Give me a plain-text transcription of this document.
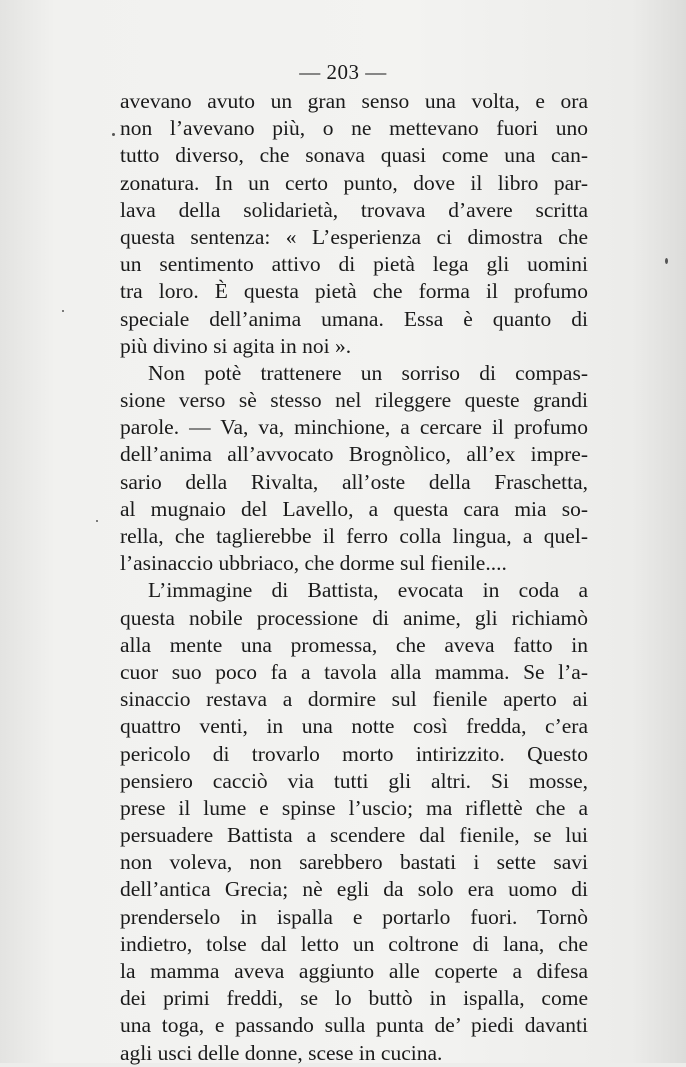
— 203 —
avevano avuto un gran senso una volta, e ora
non l’avevano più, o ne mettevano fuori uno
tutto diverso, che sonava quasi come una can-
zonatura. In un certo punto, dove il libro par-
lava della solidarietà, trovava d’avere scritta
questa sentenza: « L’esperienza ci dimostra che
un sentimento attivo di pietà lega gli uomini
tra loro. È questa pietà che forma il profumo
speciale dell’anima umana. Essa è quanto di
più divino si agita in noi ».
Non potè trattenere un sorriso di compas-
sione verso sè stesso nel rileggere queste grandi
parole. — Va, va, minchione, a cercare il profumo
dell’anima all’avvocato Brognòlico, all’ex impre-
sario della Rivalta, all’oste della Fraschetta,
al mugnaio del Lavello, a questa cara mia so-
rella, che taglierebbe il ferro colla lingua, a quel-
l’asinaccio ubbriaco, che dorme sul fienile....
L’immagine di Battista, evocata in coda a
questa nobile processione di anime, gli richiamò
alla mente una promessa, che aveva fatto in
cuor suo poco fa a tavola alla mamma. Se l’a-
sinaccio restava a dormire sul fienile aperto ai
quattro venti, in una notte così fredda, c’era
pericolo di trovarlo morto intirizzito. Questo
pensiero cacciò via tutti gli altri. Si mosse,
prese il lume e spinse l’uscio; ma riflettè che a
persuadere Battista a scendere dal fienile, se lui
non voleva, non sarebbero bastati i sette savi
dell’antica Grecia; nè egli da solo era uomo di
prenderselo in ispalla e portarlo fuori. Tornò
indietro, tolse dal letto un coltrone di lana, che
la mamma aveva aggiunto alle coperte a difesa
dei primi freddi, se lo buttò in ispalla, come
una toga, e passando sulla punta de’ piedi davanti
agli usci delle donne, scese in cucina.
